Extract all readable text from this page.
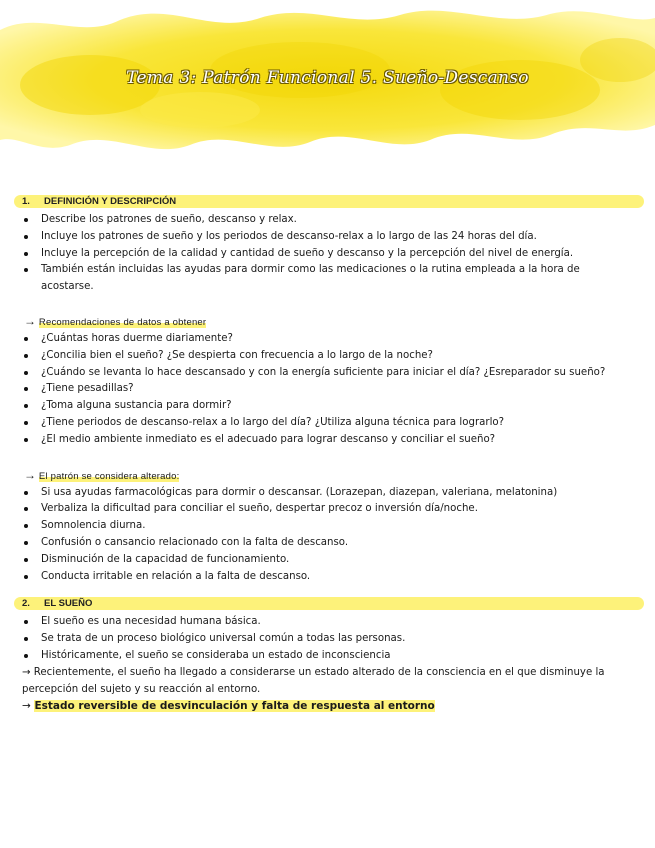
Tema 3: Patrón Funcional 5. Sueño-Descanso
1. DEFINICIÓN Y DESCRIPCIÓN
Describe los patrones de sueño, descanso y relax.
Incluye los patrones de sueño y los periodos de descanso-relax a lo largo de las 24 horas del día.
Incluye la percepción de la calidad y cantidad de sueño y descanso y la percepción del nivel de energía.
También están incluidas las ayudas para dormir como las medicaciones o la rutina empleada a la hora de acostarse.
→ Recomendaciones de datos a obtener
¿Cuántas horas duerme diariamente?
¿Concilia bien el sueño? ¿Se despierta con frecuencia a lo largo de la noche?
¿Cuándo se levanta lo hace descansado y con la energía suficiente para iniciar el día? ¿Esreparador su sueño?
¿Tiene pesadillas?
¿Toma alguna sustancia para dormir?
¿Tiene periodos de descanso-relax a lo largo del día? ¿Utiliza alguna técnica para lograrlo?
¿El medio ambiente inmediato es el adecuado para lograr descanso y conciliar el sueño?
→ El patrón se considera alterado:
Si usa ayudas farmacológicas para dormir o descansar. (Lorazepan, diazepan, valeriana, melatonina)
Verbaliza la dificultad para conciliar el sueño, despertar precoz o inversión día/noche.
Somnolencia diurna.
Confusión o cansancio relacionado con la falta de descanso.
Disminución de la capacidad de funcionamiento.
Conducta irritable en relación a la falta de descanso.
2. EL SUEÑO
El sueño es una necesidad humana básica.
Se trata de un proceso biológico universal común a todas las personas.
Históricamente, el sueño se consideraba un estado de inconsciencia
→ Recientemente, el sueño ha llegado a considerarse un estado alterado de la consciencia en el que disminuye la percepción del sujeto y su reacción al entorno.
→ Estado reversible de desvinculación y falta de respuesta al entorno
